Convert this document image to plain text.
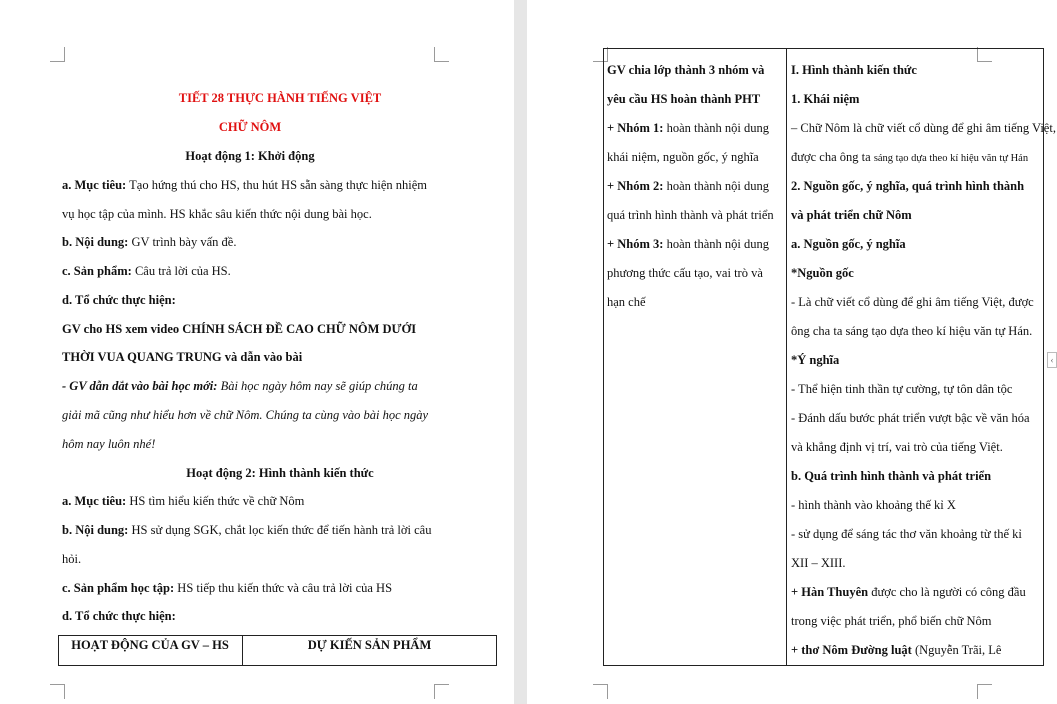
TIẾT 28 THỰC HÀNH TIẾNG VIỆT
CHỮ NÔM
Hoạt động 1: Khởi động
a. Mục tiêu: Tạo hứng thú cho HS, thu hút HS sẵn sàng thực hiện nhiệm
vụ học tập của mình. HS khắc sâu kiến thức nội dung bài học.
b. Nội dung: GV trình bày vấn đề.
c. Sản phẩm: Câu trả lời của HS.
d. Tổ chức thực hiện:
GV cho HS xem video CHÍNH SÁCH ĐỀ CAO CHỮ NÔM DƯỚI
THỜI VUA QUANG TRUNG và dẫn vào bài
- GV dẫn dắt vào bài học mới: Bài học ngày hôm nay sẽ giúp chúng ta
giải mã cũng như hiểu hơn về chữ Nôm. Chúng ta cùng vào bài học ngày
hôm nay luôn nhé!
Hoạt động 2: Hình thành kiến thức
a. Mục tiêu: HS tìm hiểu kiến thức về chữ Nôm
b. Nội dung: HS sử dụng SGK, chắt lọc kiến thức để tiến hành trả lời câu
hỏi.
c. Sản phẩm học tập: HS tiếp thu kiến thức và câu trả lời của HS
d. Tổ chức thực hiện:
HOẠT ĐỘNG CỦA GV – HS	DỰ KIẾN SẢN PHẨM
GV chia lớp thành 3 nhóm và
yêu cầu HS hoàn thành PHT
+ Nhóm 1: hoàn thành nội dung
khái niệm, nguồn gốc, ý nghĩa
+ Nhóm 2: hoàn thành nội dung
quá trình hình thành và phát triển
+ Nhóm 3: hoàn thành nội dung
phương thức cấu tạo, vai trò và
hạn chế
I. Hình thành kiến thức
1. Khái niệm
– Chữ Nôm là chữ viết cổ dùng để ghi âm tiếng Việt,
được cha ông ta sáng tạo dựa theo kí hiệu văn tự Hán
2. Nguồn gốc, ý nghĩa, quá trình hình thành
và phát triển chữ Nôm
a. Nguồn gốc, ý nghĩa
*Nguồn gốc
- Là chữ viết cổ dùng để ghi âm tiếng Việt, được
ông cha ta sáng tạo dựa theo kí hiệu văn tự Hán.
*Ý nghĩa
- Thể hiện tinh thần tự cường, tự tôn dân tộc
- Đánh dấu bước phát triển vượt bậc về văn hóa
và khẳng định vị trí, vai trò của tiếng Việt.
b. Quá trình hình thành và phát triển
- hình thành vào khoảng thế kỉ X
- sử dụng để sáng tác thơ văn khoảng từ thế kỉ
XII – XIII.
+ Hàn Thuyên được cho là người có công đầu
trong việc phát triển, phổ biến chữ Nôm
+ thơ Nôm Đường luật (Nguyễn Trãi, Lê
‹
